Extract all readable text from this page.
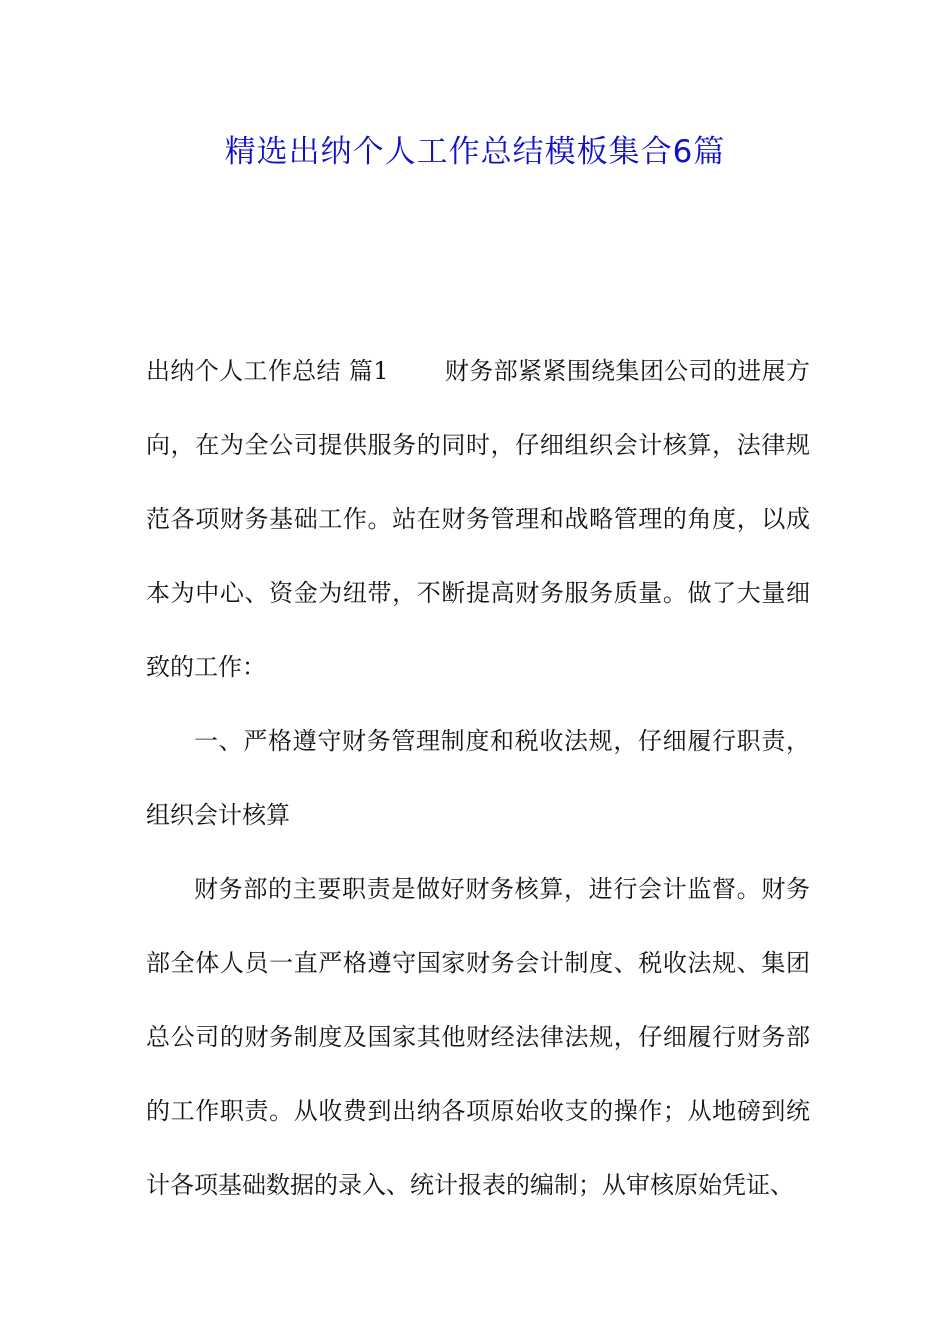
精选出纳个人工作总结模板集合6篇

出纳个人工作总结 篇1 财务部紧紧围绕集团公司的进展方向，在为全公司提供服务的同时，仔细组织会计核算，法律规范各项财务基础工作。站在财务管理和战略管理的角度，以成本为中心、资金为纽带，不断提高财务服务质量。做了大量细致的工作：

一、严格遵守财务管理制度和税收法规，仔细履行职责，组织会计核算

财务部的主要职责是做好财务核算，进行会计监督。财务部全体人员一直严格遵守国家财务会计制度、税收法规、集团总公司的财务制度及国家其他财经法律法规，仔细履行财务部的工作职责。从收费到出纳各项原始收支的操作；从地磅到统计各项基础数据的录入、统计报表的编制；从审核原始凭证、
